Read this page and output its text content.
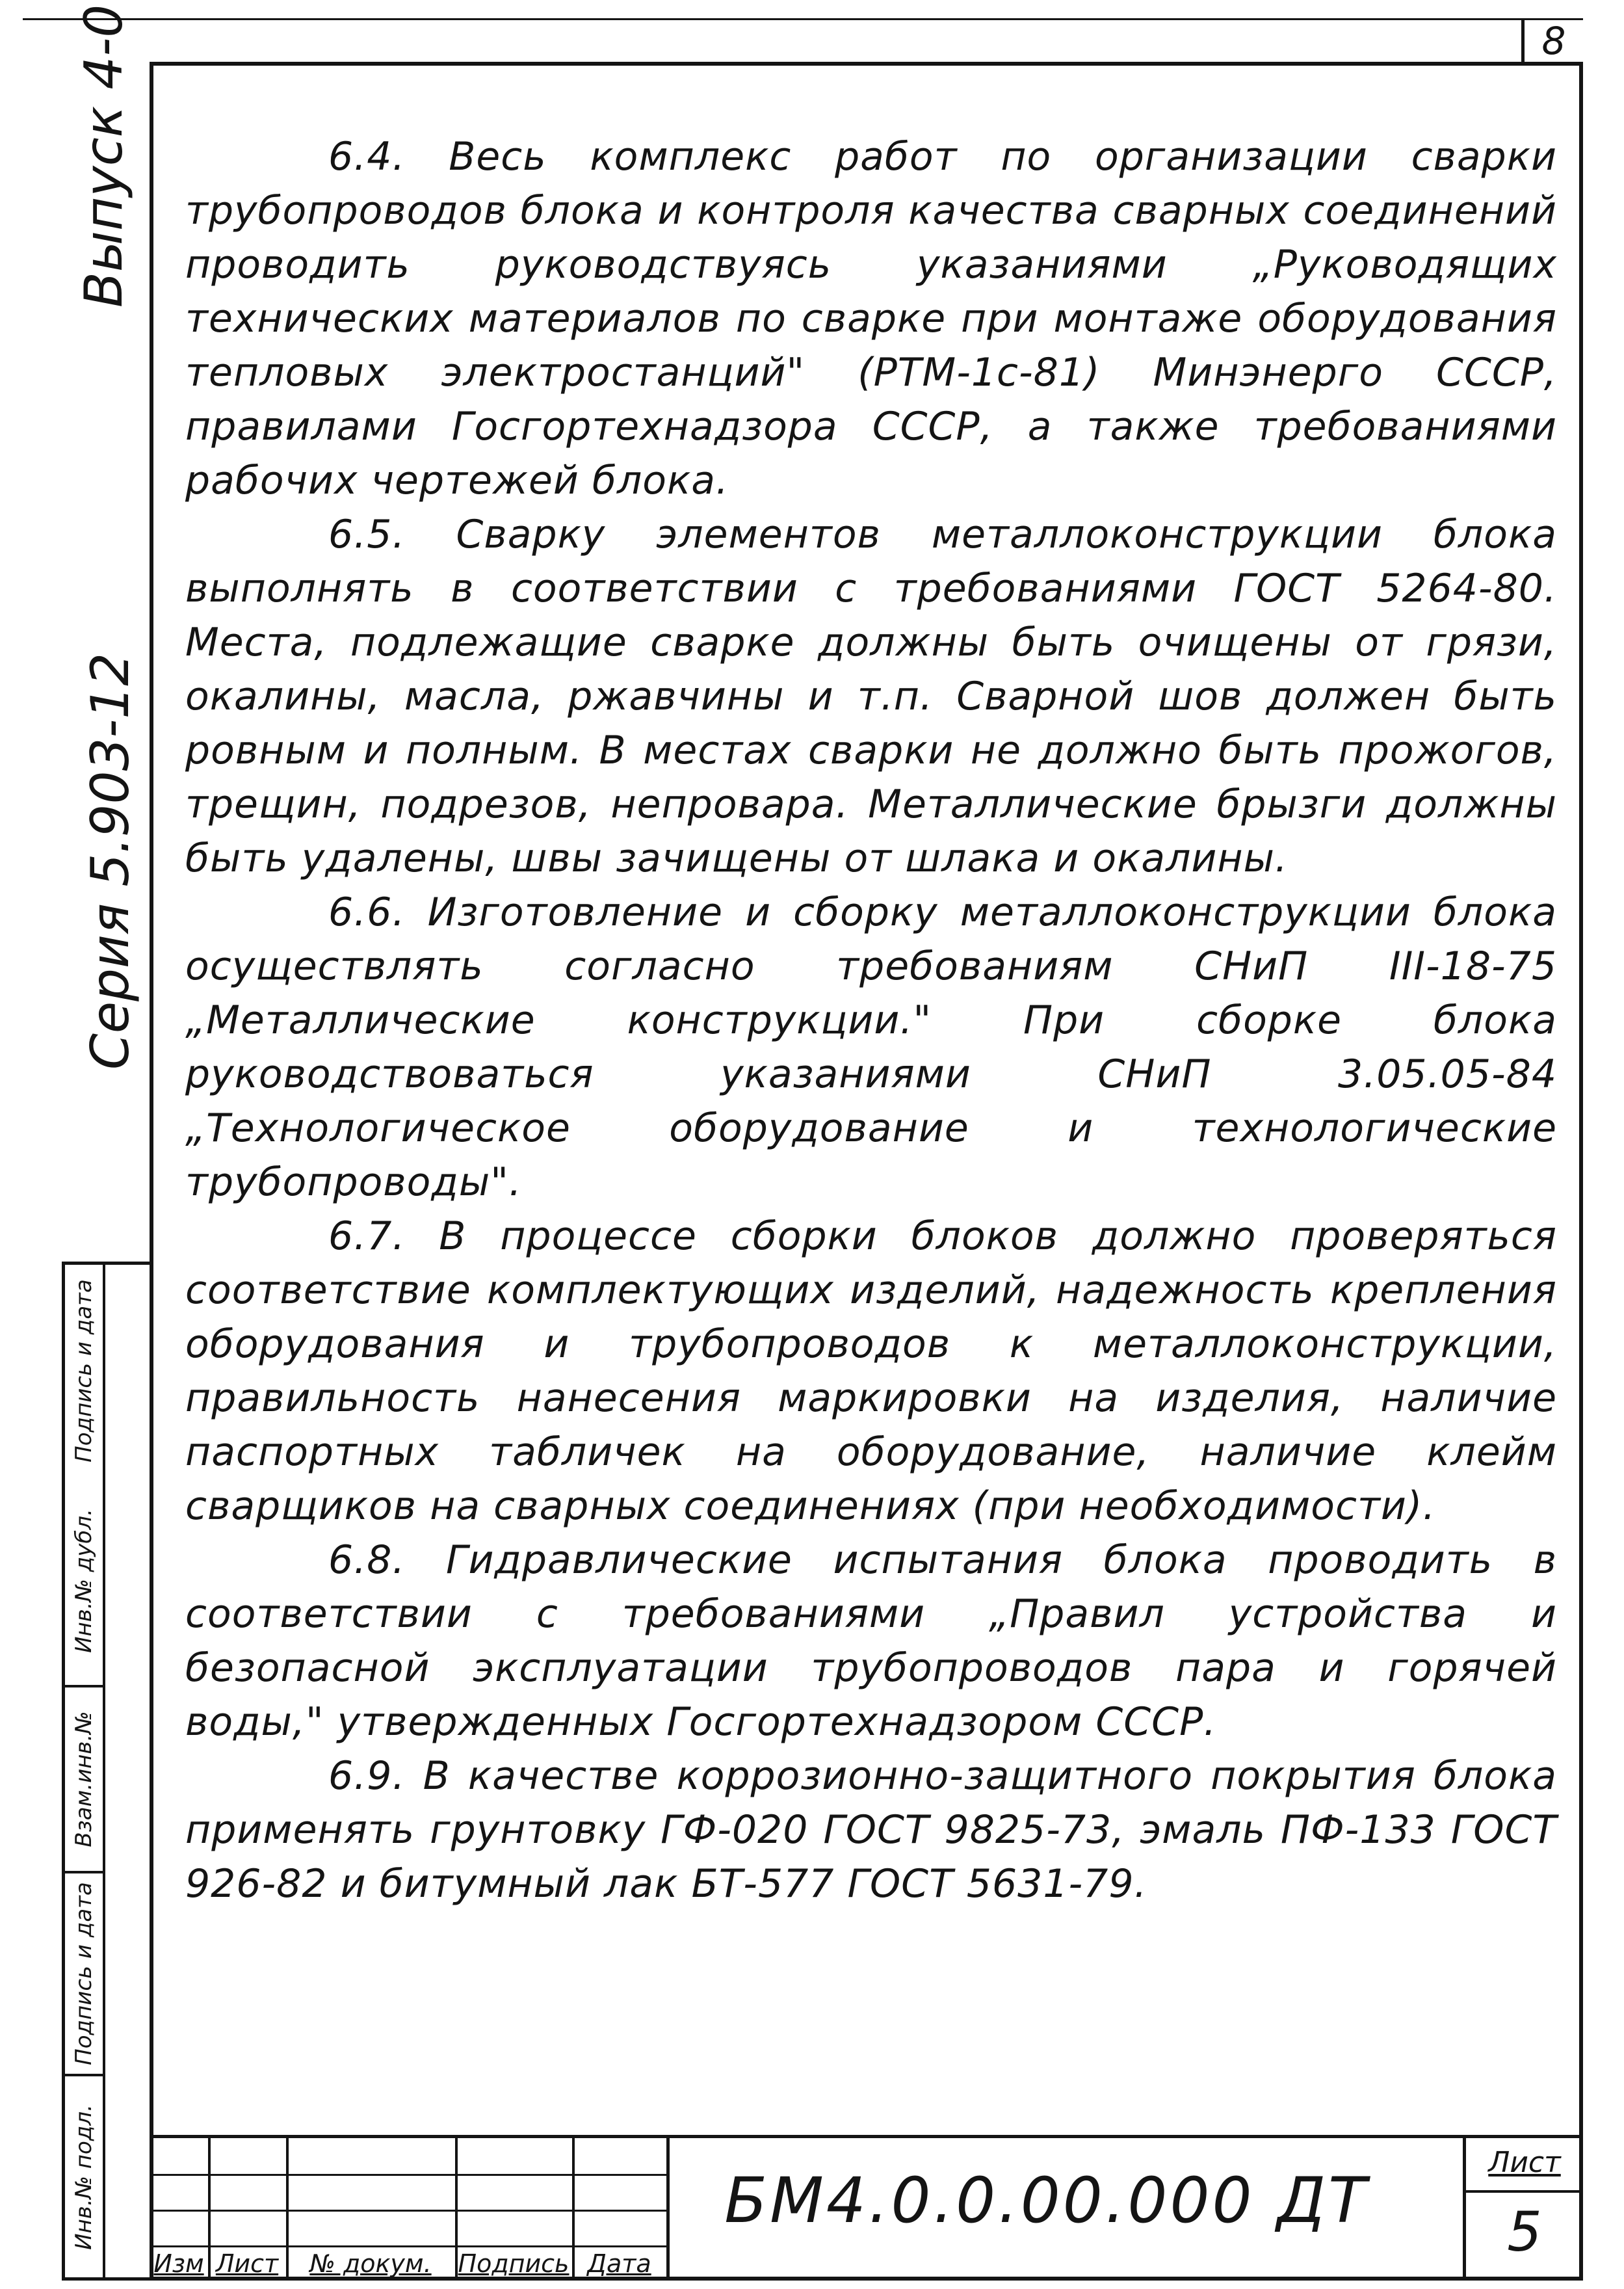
8
Выпуск 4-0
Серия 5.903-12
Инв.№ подл.
Подпись и дата
Взам.инв.№
Инв.№ дубл.
Подпись и дата

6.4. Весь комплекс работ по организации сварки трубопроводов блока и контроля качества сварных соединений проводить руководствуясь указаниями „Руководящих технических материалов по сварке при монтаже оборудования тепловых электростанций" (РТМ-1с-81) Минэнерго СССР, правилами Госгортехнадзора СССР, а также требованиями рабочих чертежей блока.

6.5. Сварку элементов металлоконструкции блока выполнять в соответствии с требованиями ГОСТ 5264-80. Места, подлежащие сварке должны быть очищены от грязи, окалины, масла, ржавчины и т.п. Сварной шов должен быть ровным и полным. В местах сварки не должно быть прожогов, трещин, подрезов, непровара. Металлические брызги должны быть удалены, швы зачищены от шлака и окалины.

6.6. Изготовление и сборку металлоконструкции блока осуществлять согласно требованиям СНиП III-18-75 „Металлические конструкции." При сборке блока руководствоваться указаниями СНиП 3.05.05-84 „Технологическое оборудование и технологические трубопроводы".

6.7. В процессе сборки блоков должно проверяться соответствие комплектующих изделий, надежность крепления оборудования и трубопроводов к металлоконструкции, правильность нанесения маркировки на изделия, наличие паспортных табличек на оборудование, наличие клейм сварщиков на сварных соединениях (при необходимости).

6.8. Гидравлические испытания блока проводить в соответствии с требованиями „Правил устройства и безопасной эксплуатации трубопроводов пара и горячей воды," утвержденных Госгортехнадзором СССР.

6.9. В качестве коррозионно-защитного покрытия блока применять грунтовку ГФ-020 ГОСТ 9825-73, эмаль ПФ-133 ГОСТ 926-82 и битумный лак БТ-577 ГОСТ 5631-79.

Изм Лист	№ докум.	Подпись Дата
БМ4.0.0.00.000 ДТ
Лист
5
